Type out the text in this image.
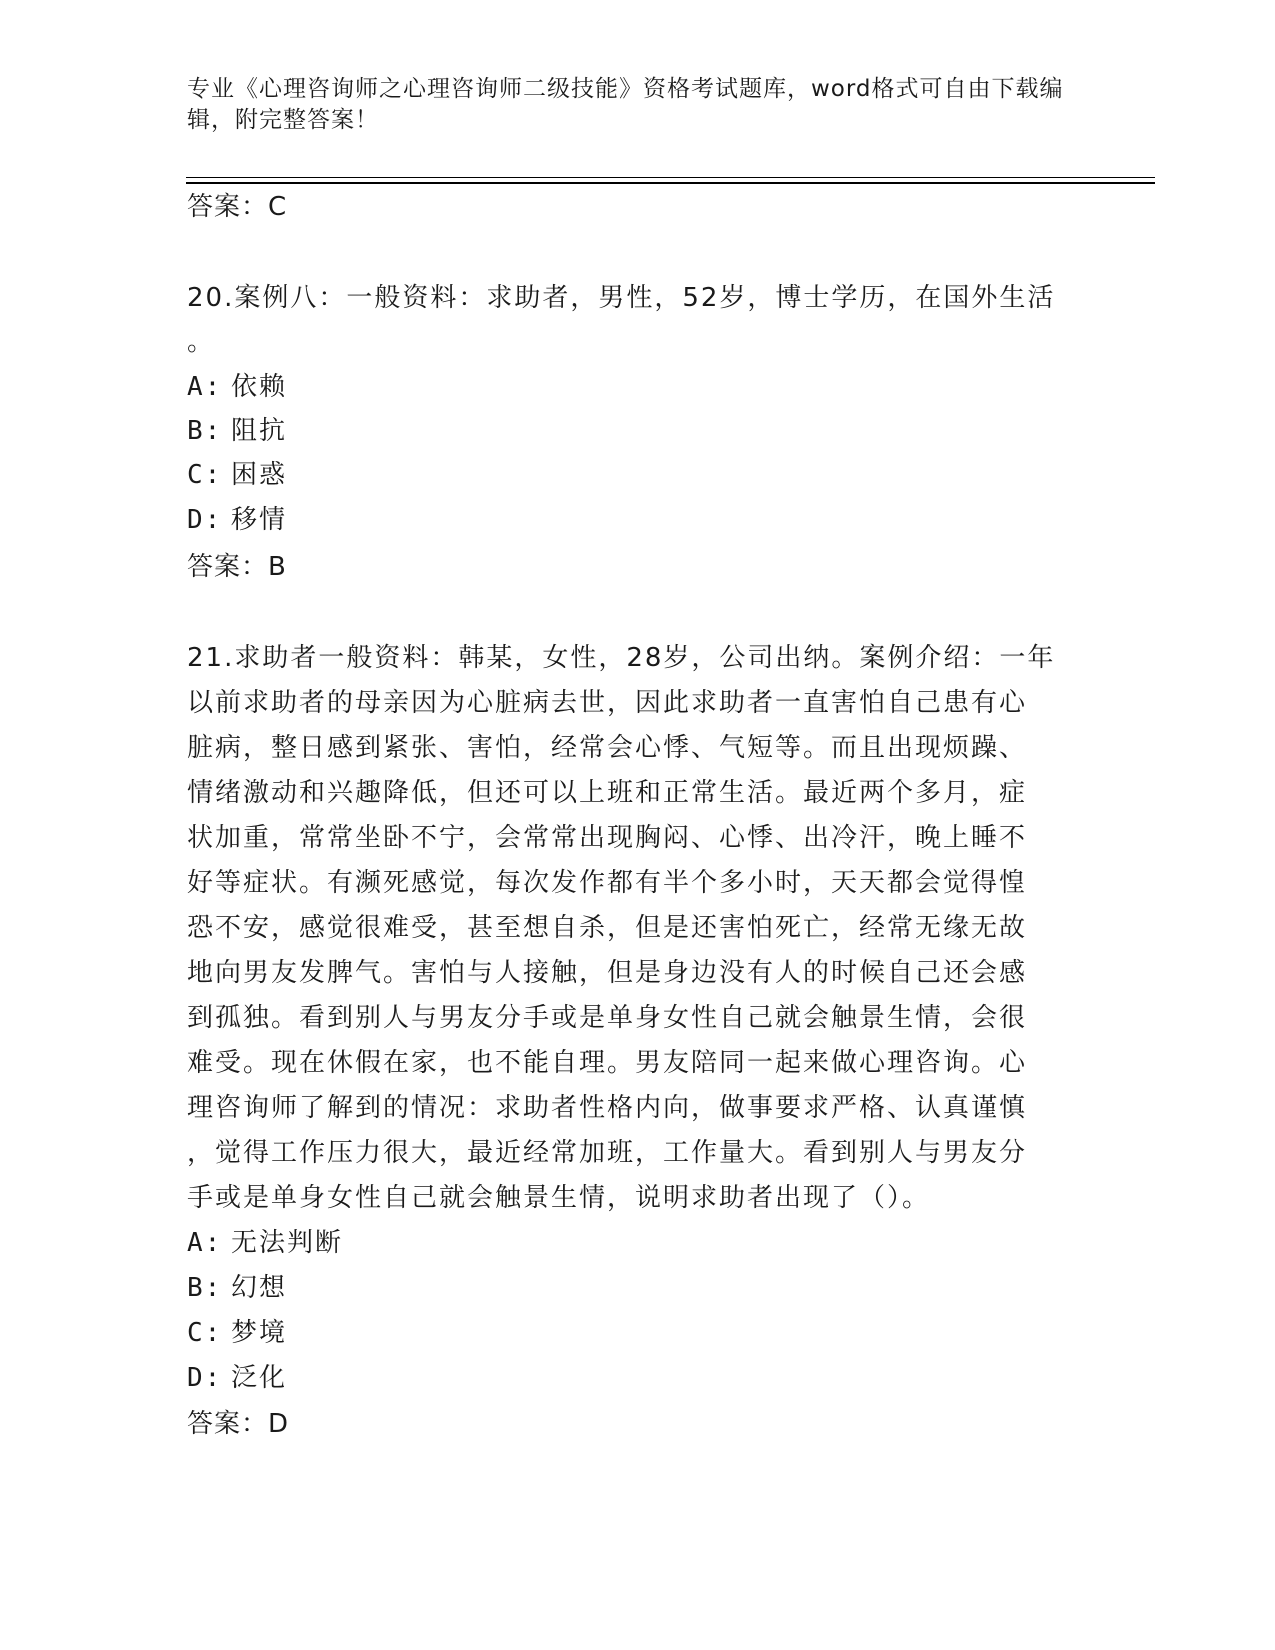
专业《心理咨询师之心理咨询师二级技能》资格考试题库，word格式可自由下载编辑，附完整答案！
答案：C
20.案例八：一般资料：求助者，男性，52岁，博士学历，在国外生活
。
A: 依赖
B: 阻抗
C: 困惑
D: 移情
答案：B
21.求助者一般资料：韩某，女性，28岁，公司出纳。案例介绍：一年
以前求助者的母亲因为心脏病去世，因此求助者一直害怕自己患有心
脏病，整日感到紧张、害怕，经常会心悸、气短等。而且出现烦躁、
情绪激动和兴趣降低，但还可以上班和正常生活。最近两个多月，症
状加重，常常坐卧不宁，会常常出现胸闷、心悸、出冷汗，晚上睡不
好等症状。有濒死感觉，每次发作都有半个多小时，天天都会觉得惶
恐不安，感觉很难受，甚至想自杀，但是还害怕死亡，经常无缘无故
地向男友发脾气。害怕与人接触，但是身边没有人的时候自己还会感
到孤独。看到别人与男友分手或是单身女性自己就会触景生情，会很
难受。现在休假在家，也不能自理。男友陪同一起来做心理咨询。心
理咨询师了解到的情况：求助者性格内向，做事要求严格、认真谨慎
，觉得工作压力很大，最近经常加班，工作量大。看到别人与男友分
手或是单身女性自己就会触景生情，说明求助者出现了（）。
A: 无法判断
B: 幻想
C: 梦境
D: 泛化
答案：D
